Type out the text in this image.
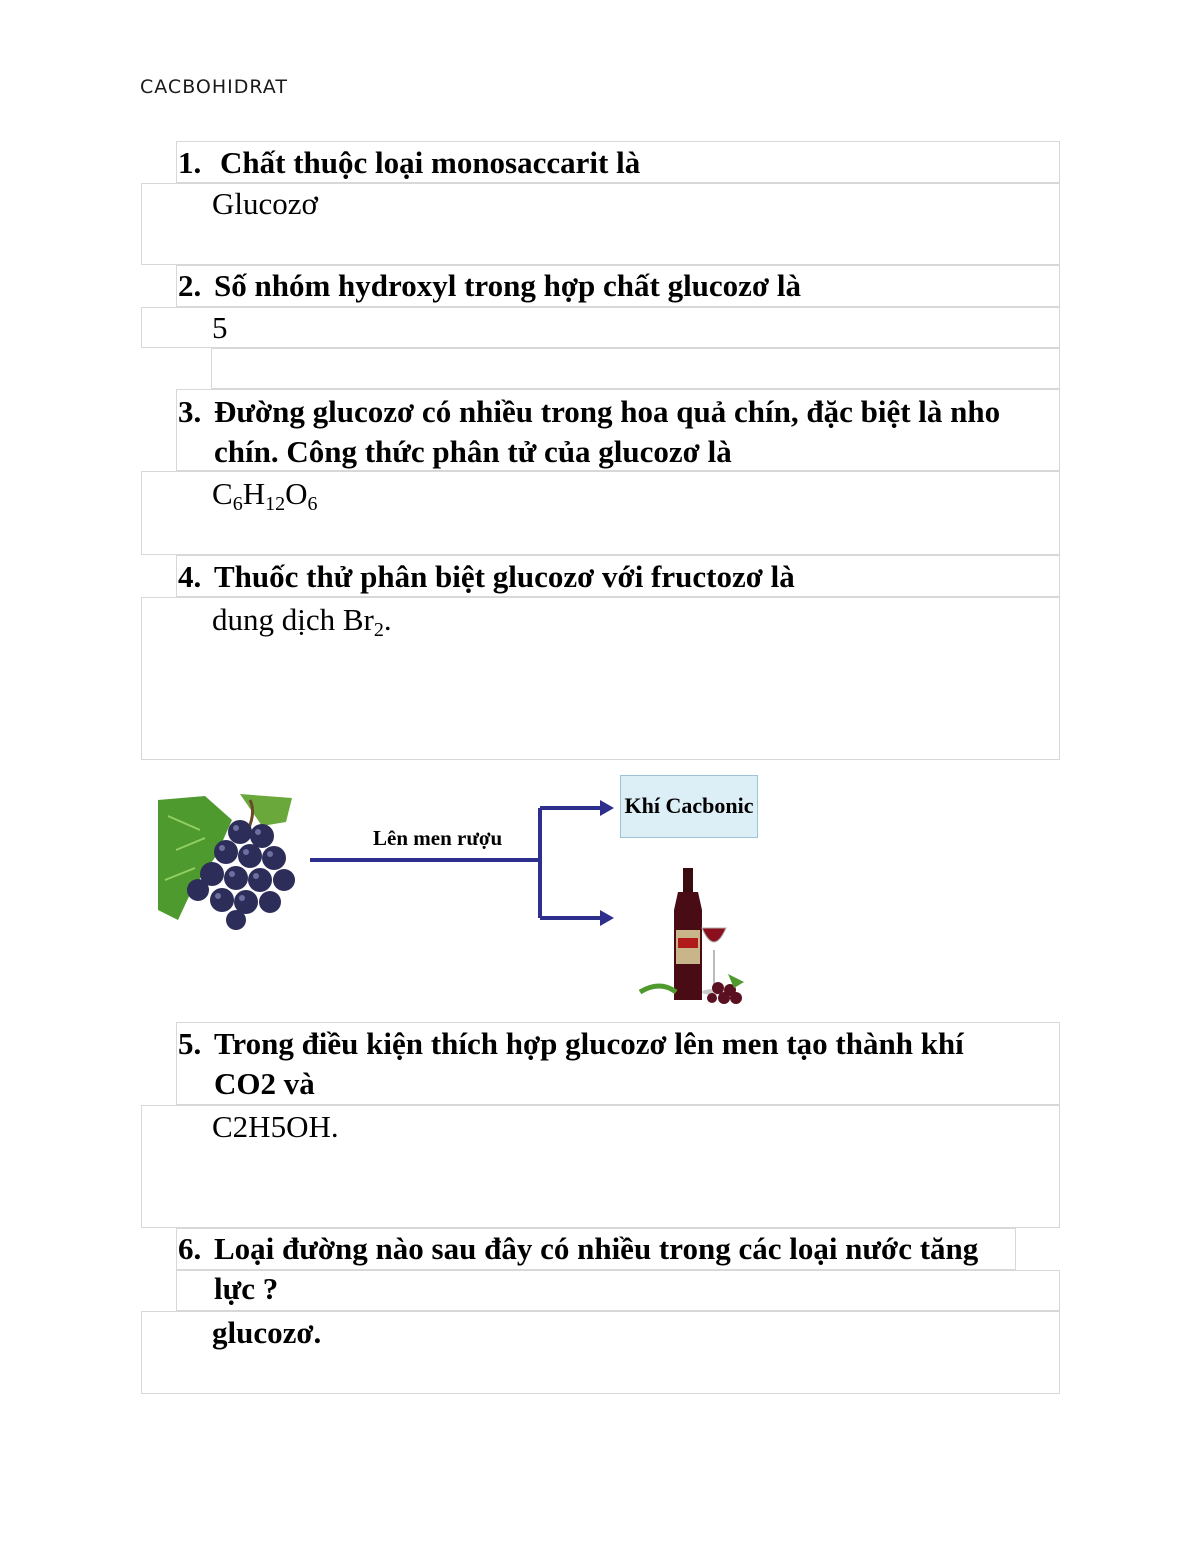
CACBOHIDRAT
1. Chất thuộc loại monosaccarit là
Glucozơ
2. Số nhóm hydroxyl trong hợp chất glucozơ là
5
3. Đường glucozơ có nhiều trong hoa quả chín, đặc biệt là nho chín. Công thức phân tử của glucozơ là
$C_6H_{12}O_6$
4. Thuốc thử phân biệt glucozơ với fructozơ là
dung dịch $Br_2$.
Lên men rượu
Khí Cacbonic
5. Trong điều kiện thích hợp glucozơ lên men tạo thành khí CO2 và
C2H5OH.
6. Loại đường nào sau đây có nhiều trong các loại nước tăng lực ?
glucozơ.
